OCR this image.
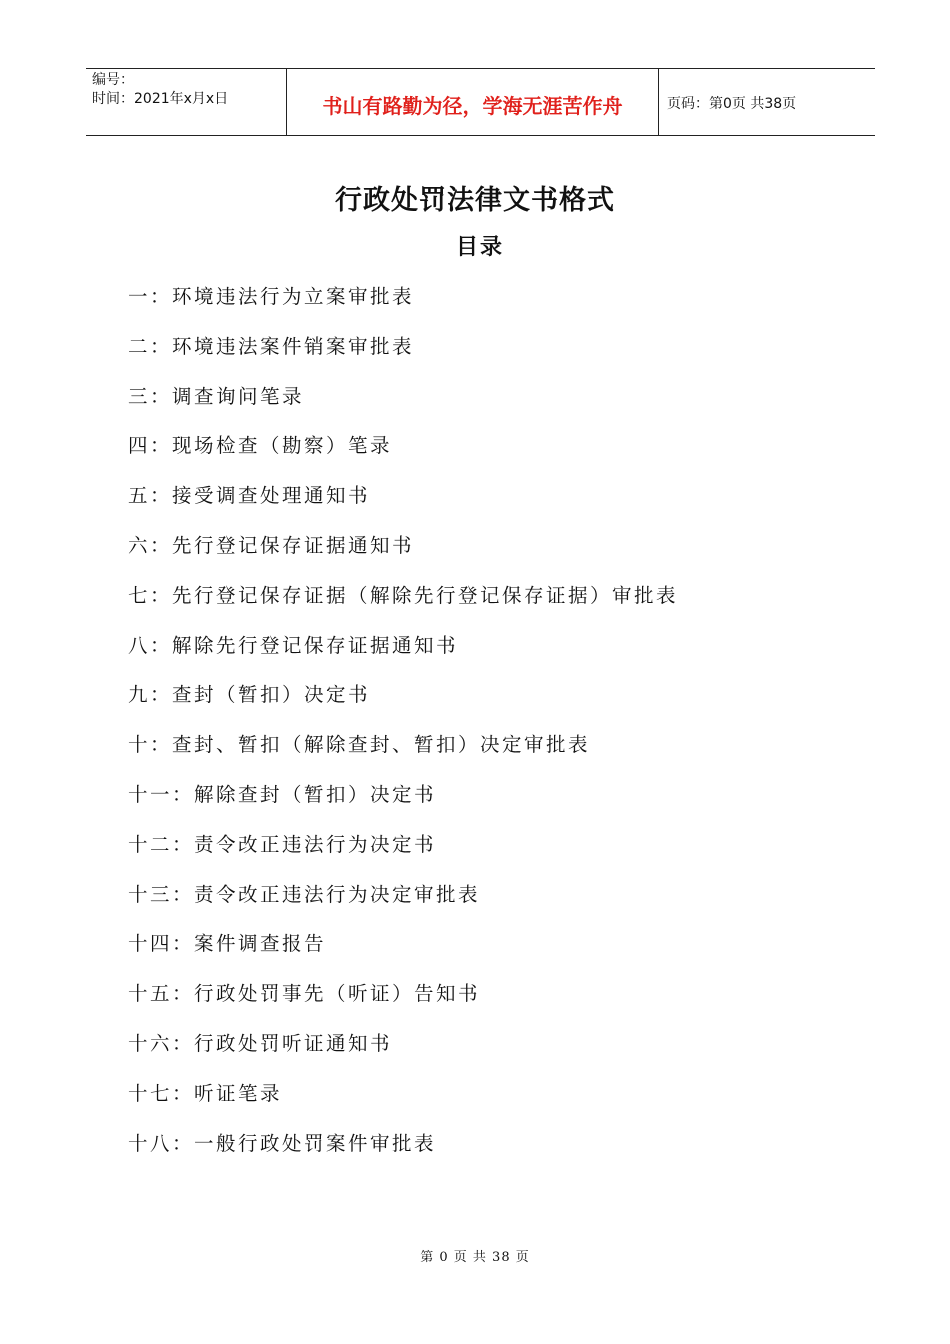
编号：
时间：2021年x月x日	书山有路勤为径，学海无涯苦作舟	页码：第0页 共38页
行政处罚法律文书格式
目录
一：环境违法行为立案审批表
二：环境违法案件销案审批表
三：调查询问笔录
四：现场检查（勘察）笔录
五：接受调查处理通知书
六：先行登记保存证据通知书
七：先行登记保存证据（解除先行登记保存证据）审批表
八：解除先行登记保存证据通知书
九：查封（暂扣）决定书
十：查封、暂扣（解除查封、暂扣）决定审批表
十一：解除查封（暂扣）决定书
十二：责令改正违法行为决定书
十三：责令改正违法行为决定审批表
十四：案件调查报告
十五：行政处罚事先（听证）告知书
十六：行政处罚听证通知书
十七：听证笔录
十八：一般行政处罚案件审批表
第 0 页 共 38 页
